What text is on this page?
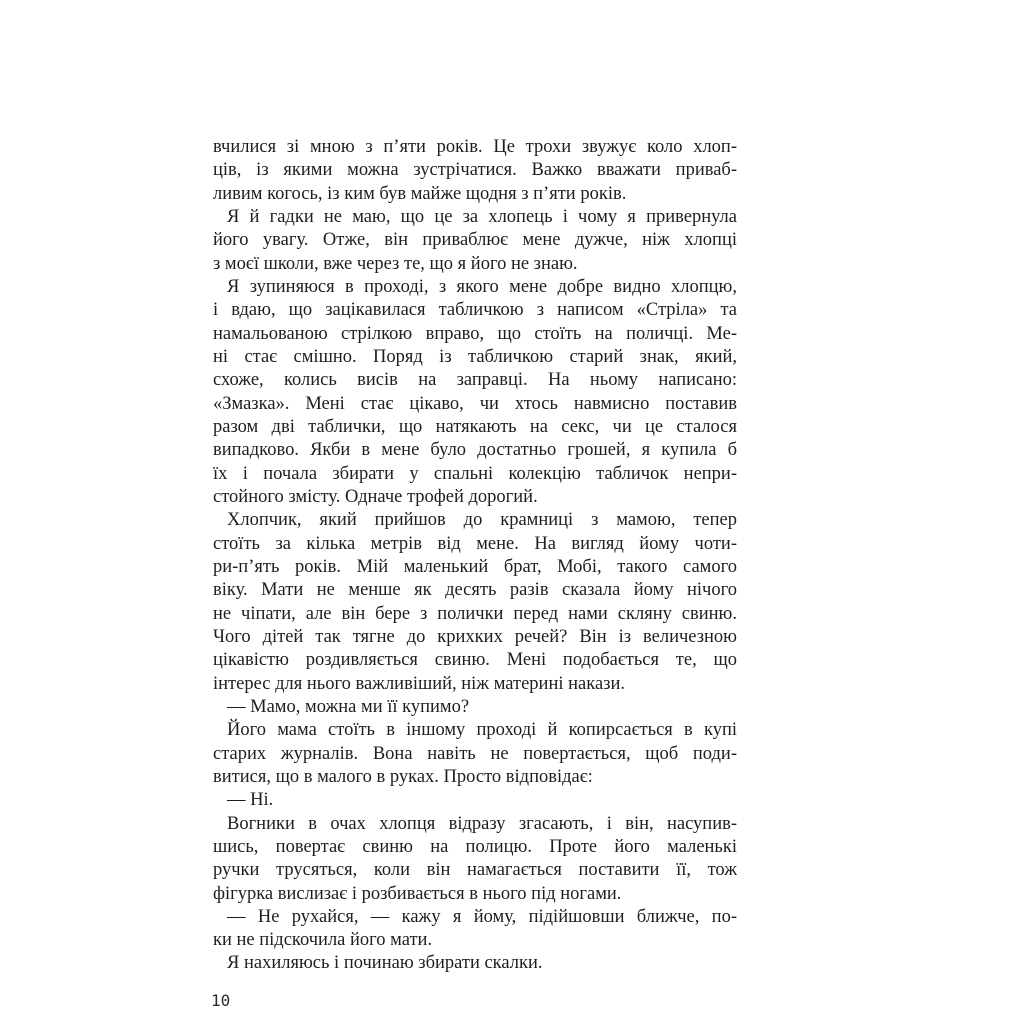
вчилися зі мною з п’яти років. Це трохи звужує коло хлоп-
ців, із якими можна зустрічатися. Важко вважати приваб-
ливим когось, із ким був майже щодня з п’яти років.

Я й гадки не маю, що це за хлопець і чому я привернула
його увагу. Отже, він приваблює мене дужче, ніж хлопці
з моєї школи, вже через те, що я його не знаю.

Я зупиняюся в проході, з якого мене добре видно хлопцю,
і вдаю, що зацікавилася табличкою з написом «Стріла» та
намальованою стрілкою вправо, що стоїть на поличці. Ме-
ні стає смішно. Поряд із табличкою старий знак, який,
схоже, колись висів на заправці. На ньому написано:
«Змазка». Мені стає цікаво, чи хтось навмисно поставив
разом дві таблички, що натякають на секс, чи це сталося
випадково. Якби в мене було достатньо грошей, я купила б
їх і почала збирати у спальні колекцію табличок непри-
стойного змісту. Одначе трофей дорогий.

Хлопчик, який прийшов до крамниці з мамою, тепер
стоїть за кілька метрів від мене. На вигляд йому чоти-
ри-п’ять років. Мій маленький брат, Мобі, такого самого
віку. Мати не менше як десять разів сказала йому нічого
не чіпати, але він бере з полички перед нами скляну свиню.
Чого дітей так тягне до крихких речей? Він із величезною
цікавістю роздивляється свиню. Мені подобається те, що
інтерес для нього важливіший, ніж материні накази.

— Мамо, можна ми її купимо?

Його мама стоїть в іншому проході й копирсається в купі
старих журналів. Вона навіть не повертається, щоб поди-
витися, що в малого в руках. Просто відповідає:

— Ні.

Вогники в очах хлопця відразу згасають, і він, насупив-
шись, повертає свиню на полицю. Проте його маленькі
ручки трусяться, коли він намагається поставити її, тож
фігурка вислизає і розбивається в нього під ногами.

— Не рухайся, — кажу я йому, підійшовши ближче, по-
ки не підскочила його мати.

Я нахиляюсь і починаю збирати скалки.

10
